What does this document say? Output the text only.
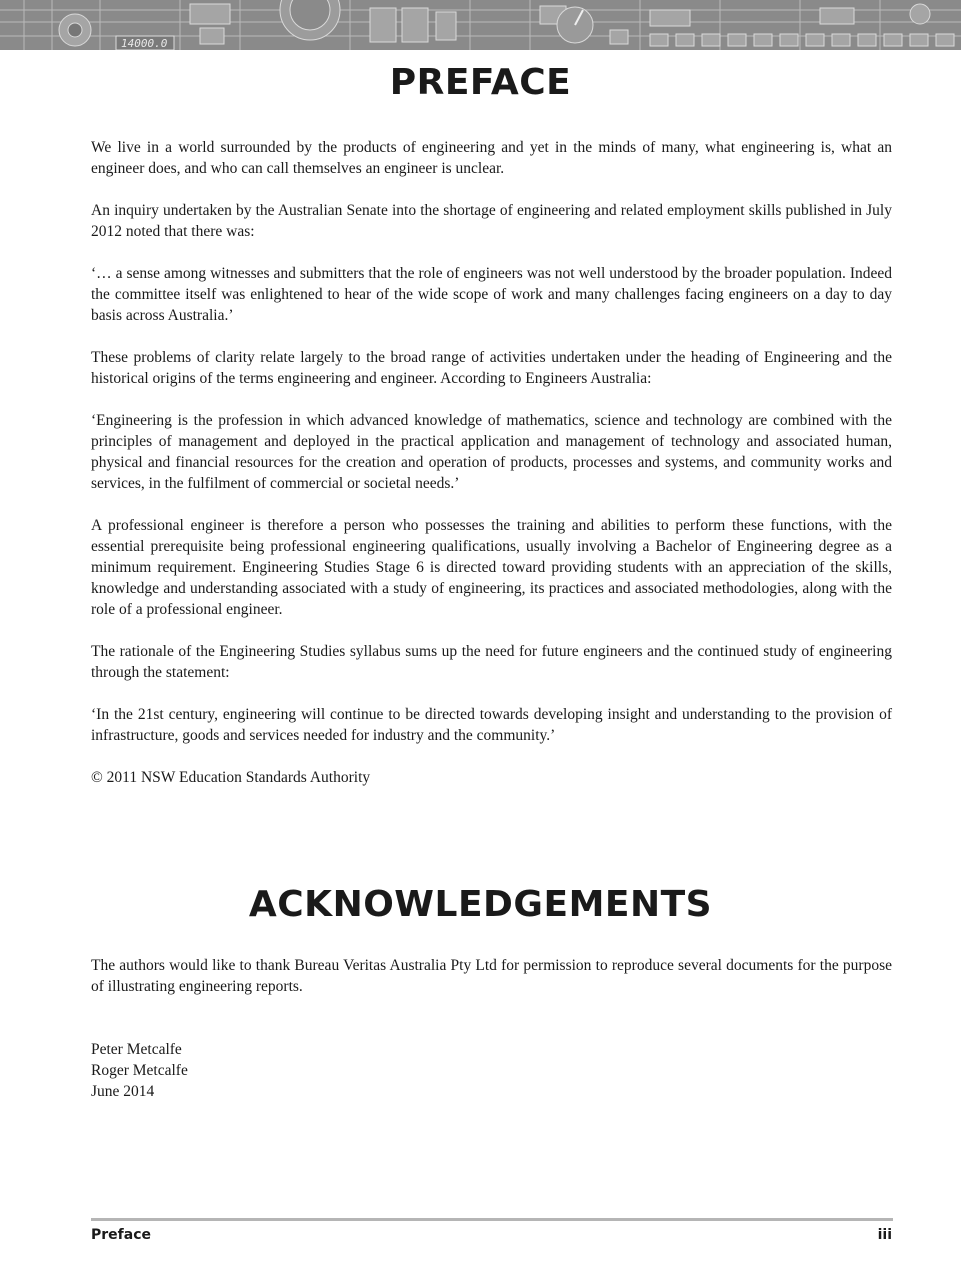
14000.0
PREFACE

We live in a world surrounded by the products of engineering and yet in the minds of many, what engineering is, what an engineer does, and who can call themselves an engineer is unclear.

An inquiry undertaken by the Australian Senate into the shortage of engineering and related employment skills published in July 2012 noted that there was:

‘… a sense among witnesses and submitters that the role of engineers was not well understood by the broader population. Indeed the committee itself was enlightened to hear of the wide scope of work and many challenges facing engineers on a day to day basis across Australia.’

These problems of clarity relate largely to the broad range of activities undertaken under the heading of Engineering and the historical origins of the terms engineering and engineer. According to Engineers Australia:

‘Engineering is the profession in which advanced knowledge of mathematics, science and technology are combined with the principles of management and deployed in the practical application and management of technology and associated human, physical and financial resources for the creation and operation of products, processes and systems, and community works and services, in the fulfilment of commercial or societal needs.’

A professional engineer is therefore a person who possesses the training and abilities to perform these functions, with the essential prerequisite being professional engineering qualifications, usually involving a Bachelor of Engineering degree as a minimum requirement. Engineering Studies Stage 6 is directed toward providing students with an appreciation of the skills, knowledge and understanding associated with a study of engineering, its practices and associated methodologies, along with the role of a professional engineer.

The rationale of the Engineering Studies syllabus sums up the need for future engineers and the continued study of engineering through the statement:

‘In the 21st century, engineering will continue to be directed towards developing insight and understanding to the provision of infrastructure, goods and services needed for industry and the community.’

© 2011 NSW Education Standards Authority

ACKNOWLEDGEMENTS

The authors would like to thank Bureau Veritas Australia Pty Ltd for permission to reproduce several documents for the purpose of illustrating engineering reports.

Peter Metcalfe
Roger Metcalfe
June 2014
Preface	iii
